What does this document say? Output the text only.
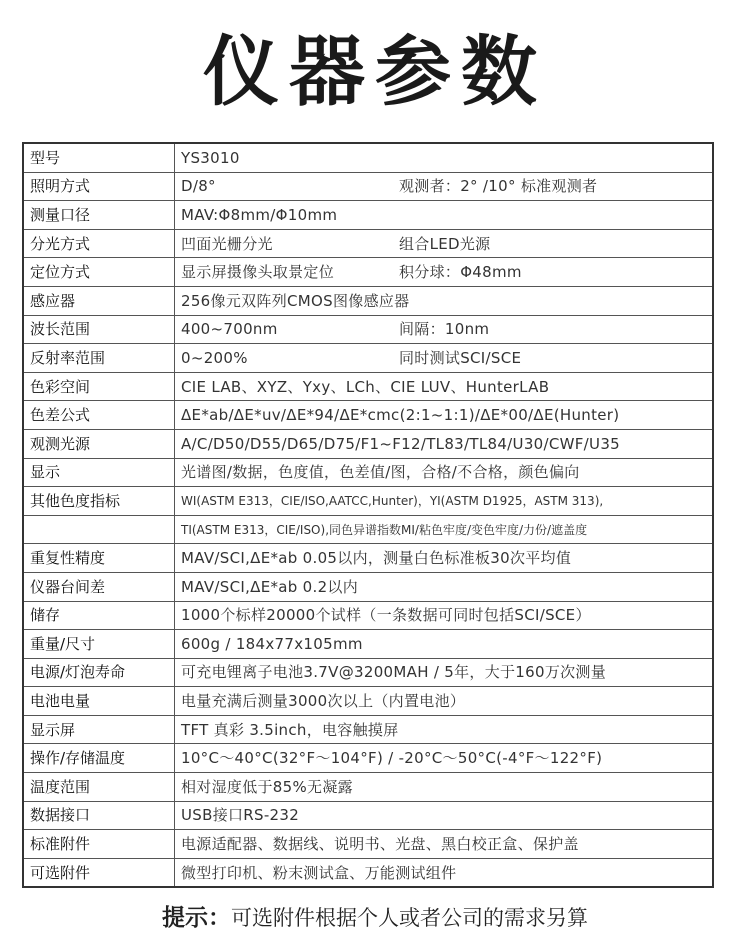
仪器参数
型号	YS3010

照明方式	D/8° 观测者：2° /10° 标准观测者

测量口径	MAV:Φ8mm/Φ10mm

分光方式	凹面光栅分光 组合LED光源

定位方式	显示屏摄像头取景定位 积分球：Φ48mm

感应器	256像元双阵列CMOS图像感应器

波长范围	400~700nm 间隔：10nm

反射率范围	0~200% 同时测试SCI/SCE

色彩空间	CIE LAB、XYZ、Yxy、LCh、CIE LUV、HunterLAB

色差公式	ΔE*ab/ΔE*uv/ΔE*94/ΔE*cmc(2:1~1:1)/ΔE*00/ΔE(Hunter)

观测光源	A/C/D50/D55/D65/D75/F1~F12/TL83/TL84/U30/CWF/U35

显示	光谱图/数据，色度值，色差值/图，合格/不合格，颜色偏向

其他色度指标	WI(ASTM E313，CIE/ISO,AATCC,Hunter)，YI(ASTM D1925，ASTM 313),

	TI(ASTM E313，CIE/ISO),同色异谱指数MI/粘色牢度/变色牢度/力份/遮盖度

重复性精度	MAV/SCI,ΔE*ab 0.05以内，测量白色标准板30次平均值

仪器台间差	MAV/SCI,ΔE*ab 0.2以内

储存	1000个标样20000个试样（一条数据可同时包括SCI/SCE）

重量/尺寸	600g / 184x77x105mm

电源/灯泡寿命	可充电锂离子电池3.7V@3200MAH / 5年，大于160万次测量

电池电量	电量充满后测量3000次以上（内置电池）

显示屏	TFT 真彩 3.5inch，电容触摸屏

操作/存储温度	10°C～40°C(32°F～104°F) / -20°C～50°C(-4°F～122°F)

温度范围	相对湿度低于85%无凝露

数据接口	USB接口RS-232

标准附件	电源适配器、数据线、说明书、光盘、黑白校正盒、保护盖

可选附件	微型打印机、粉末测试盒、万能测试组件
提示：可选附件根据个人或者公司的需求另算
